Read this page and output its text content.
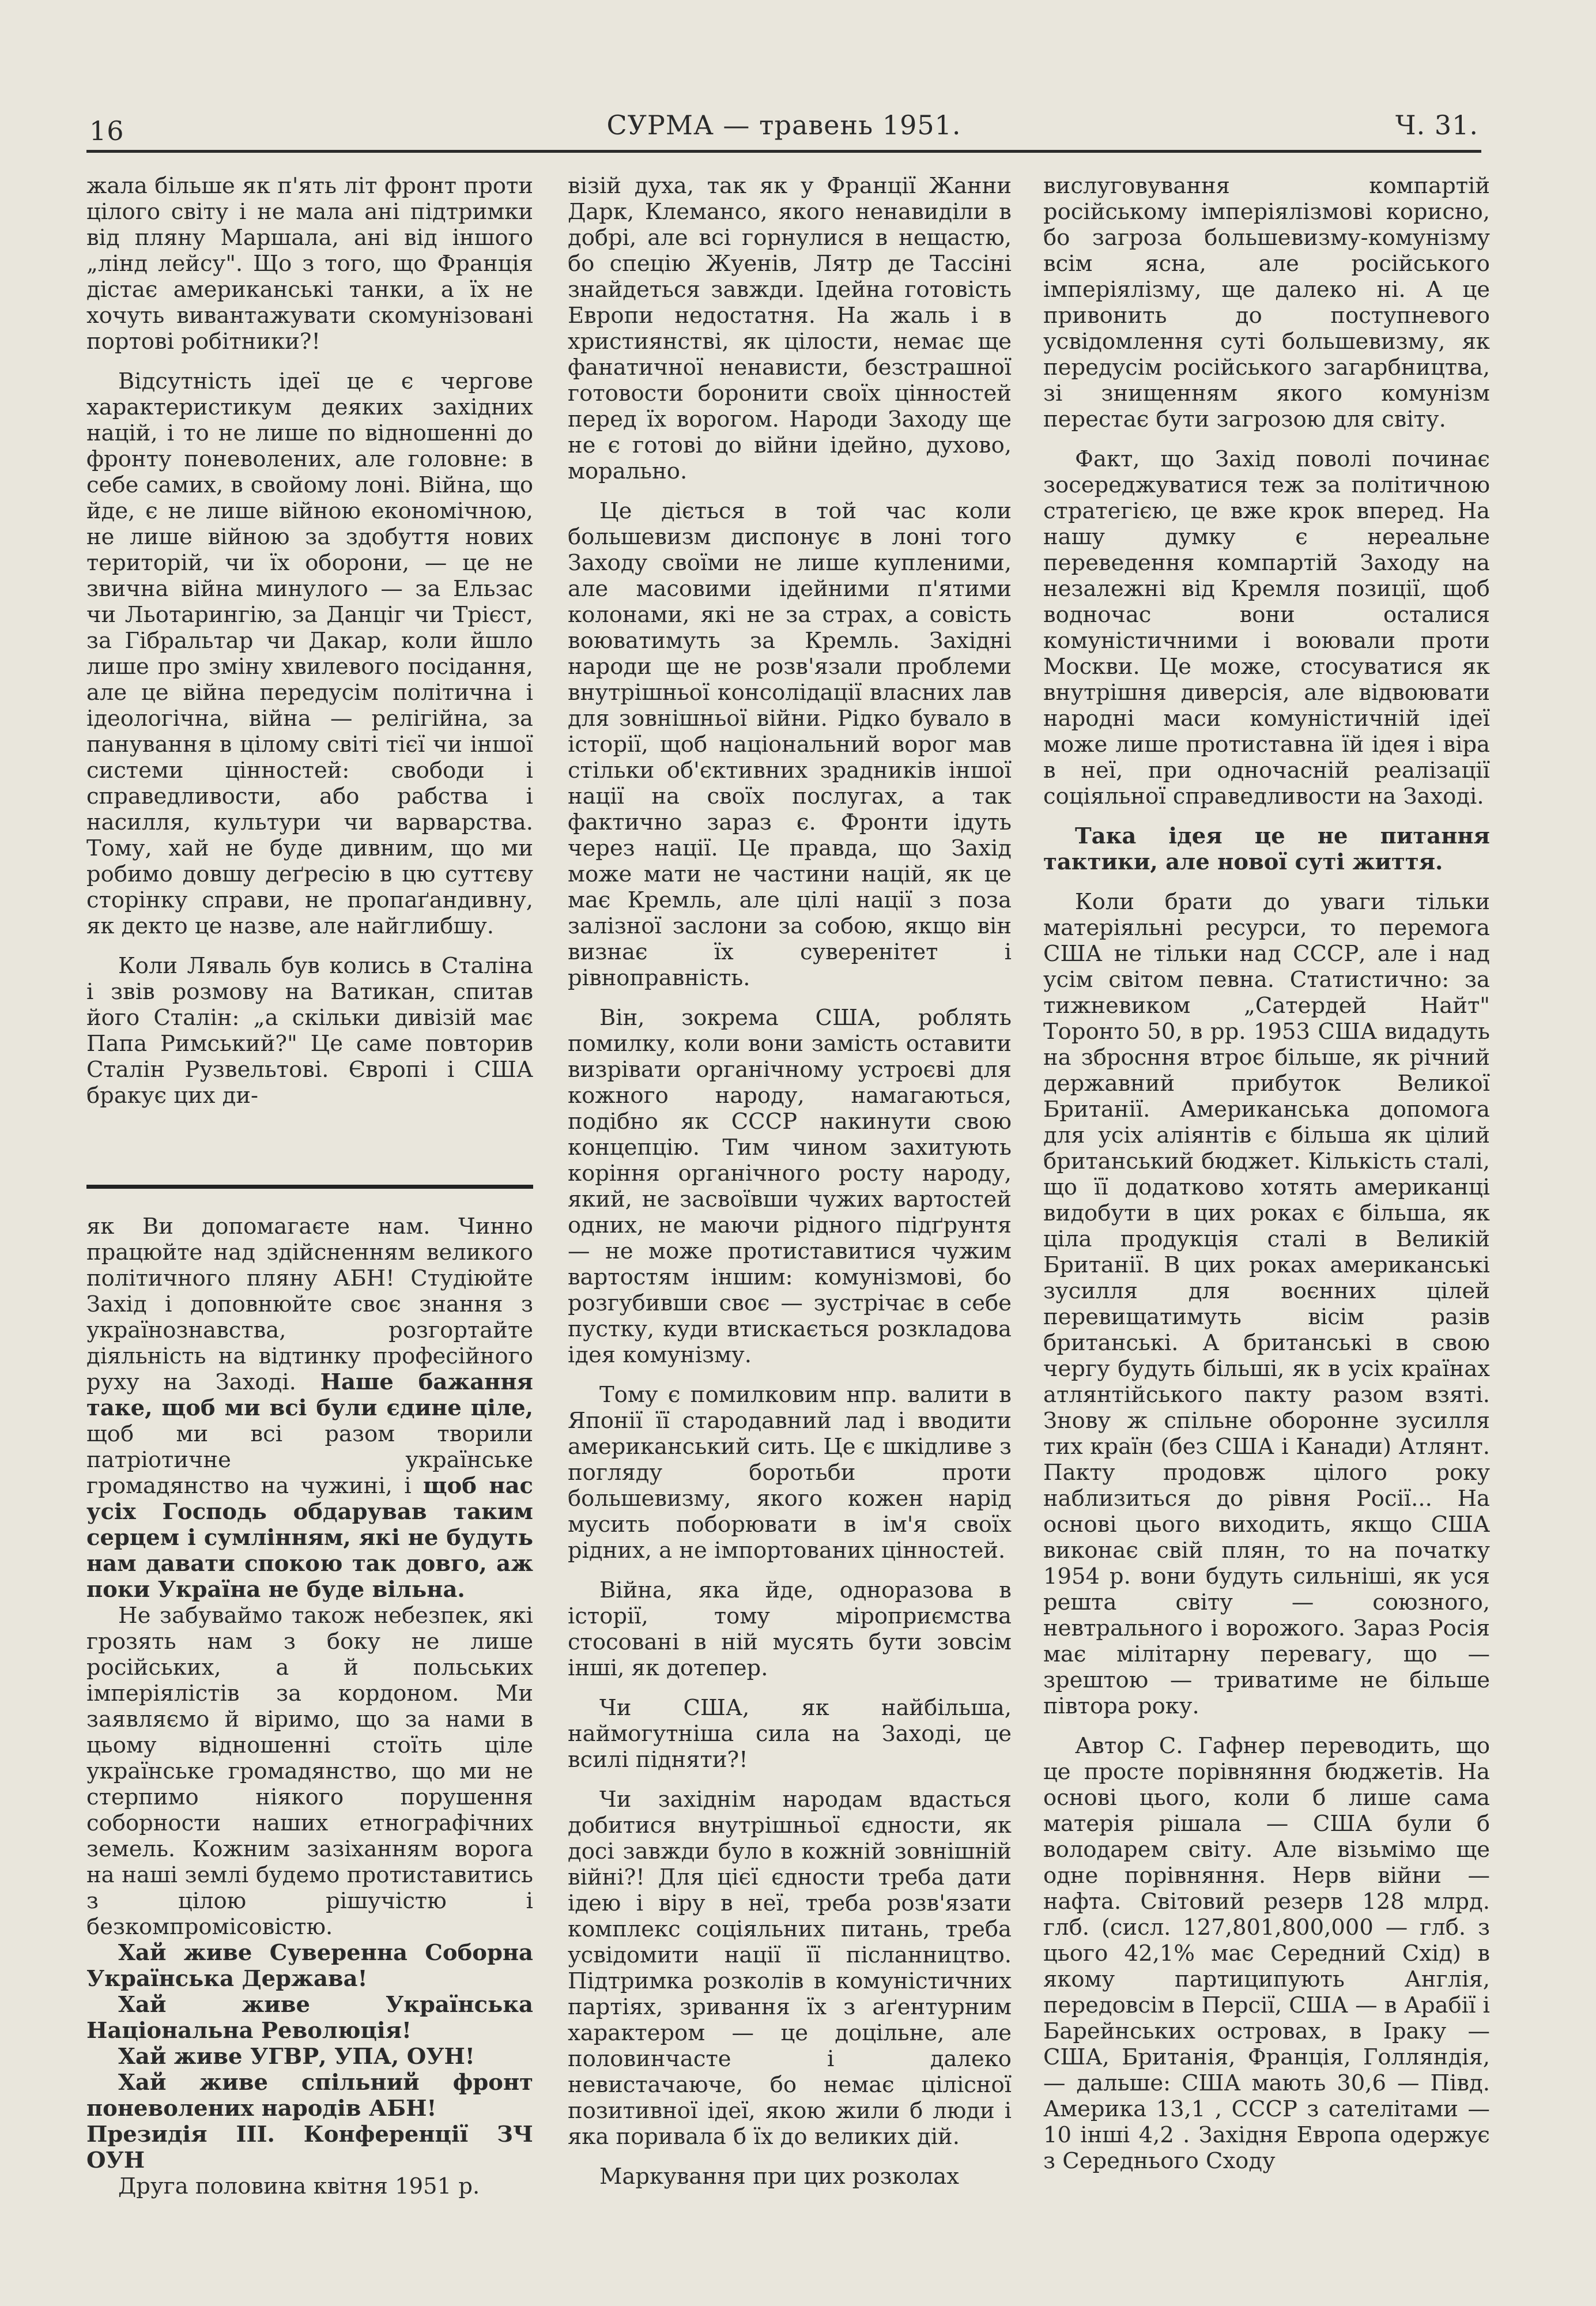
16	СУРМА — травень 1951.	Ч. 31.

жала більше як п'ять літ фронт проти цілого світу і не мала ані підтримки від пляну Маршала, ані від іншого „лінд лейсу". Що з того, що Франція дістає американські танки, а їх не хочуть вивантажувати скомунізовані портові робітники?!

Відсутність ідеї це є чергове характеристикум деяких західних націй, і то не лише по відношенні до фронту поневолених, але головне: в себе самих, в свойому лоні. Війна, що йде, є не лише війною економічною, не лише війною за здобуття нових територій, чи їх оборони, — це не звична війна минулого — за Ельзас чи Льотарингію, за Данціг чи Трієст, за Гібральтар чи Дакар, коли йшло лише про зміну хвилевого посідання, але це війна передусім політична і ідеологічна, війна — релігійна, за панування в цілому світі тієї чи іншої системи цінностей: свободи і справедливости, або рабства і насилля, культури чи варварства. Тому, хай не буде дивним, що ми робимо довшу деґресію в цю суттєву сторінку справи, не пропаґандивну, як декто це назве, але найглибшу.

Коли Ляваль був колись в Сталіна і звів розмову на Ватикан, спитав його Сталін: „а скільки дивізій має Папа Римський?" Це саме повторив Сталін Рузвельтові. Європі і США бракує цих ди-

як Ви допомагаєте нам. Чинно працюйте над здійсненням великого політичного пляну АБН! Студіюйте Захід і доповнюйте своє знання з українознавства, розгортайте діяльність на відтинку професійного руху на Заході. Наше бажання таке, щоб ми всі були єдине ціле, щоб ми всі разом творили патріотичне українське громадянство на чужині, і щоб нас усіх Господь обдарував таким серцем і сумлінням, які не будуть нам давати спокою так довго, аж поки Україна не буде вільна.

Не забуваймо також небезпек, які грозять нам з боку не лише російських, а й польських імперіялістів за кордоном. Ми заявляємо й віримо, що за нами в цьому відношенні стоїть ціле українське громадянство, що ми не стерпимо ніякого порушення соборности наших етнографічних земель. Кожним зазіханням ворога на наші землі будемо протиставитись з цілою рішучістю і безкомпромісовістю.

Хай живе Суверенна Соборна Українська Держава!

Хай живе Українська Національна Революція!

Хай живе УГВР, УПА, ОУН!

Хай живе спільний фронт поневолених народів АБН!

Президія ІІІ. Конференції ЗЧ ОУН

Друга половина квітня 1951 р.

візій духа, так як у Франції Жанни Дарк, Клемансо, якого ненавиділи в добрі, але всі горнулися в нещастю, бо спецію Жуенів, Лятр де Тассіні знайдеться завжди. Ідейна готовість Европи недостатня. На жаль і в християнстві, як цілости, немає ще фанатичної ненависти, безстрашної готовости боронити своїх цінностей перед їх ворогом. Народи Заходу ще не є готові до війни ідейно, духово, морально.

Це діється в той час коли большевизм диспонує в лоні того Заходу своїми не лише купленими, але масовими ідейними п'ятими колонами, які не за страх, а совість воюватимуть за Кремль. Західні народи ще не розв'язали проблеми внутрішньої консолідації власних лав для зовнішньої війни. Рідко бувало в історії, щоб національний ворог мав стільки об'єктивних зрадників іншої нації на своїх послугах, а так фактично зараз є. Фронти ідуть через нації. Це правда, що Захід може мати не частини націй, як це має Кремль, але цілі нації з поза залізної заслони за собою, якщо він визнає їх суверенітет і рівноправність.

Він, зокрема США, роблять помилку, коли вони замість оставити визрівати органічному устроєві для кожного народу, намагаються, подібно як СССР накинути свою концепцію. Тим чином захитують коріння органічного росту народу, який, не засвоївши чужих вартостей одних, не маючи рідного підґрунтя — не може протиставитися чужим вартостям іншим: комунізмові, бо розгубивши своє — зустрічає в себе пустку, куди втискається розкладова ідея комунізму.

Тому є помилковим нпр. валити в Японії її стародавний лад і вводити американський сить. Це є шкідливе з погляду боротьби проти большевизму, якого кожен нарід мусить поборювати в ім'я своїх рідних, а не імпортованих цінностей.

Війна, яка йде, одноразова в історії, тому міроприємства стосовані в ній мусять бути зовсім інші, як дотепер.

Чи США, як найбільша, наймогутніша сила на Заході, це всилі підняти?!

Чи західнім народам вдасться добитися внутрішньої єдности, як досі завжди було в кожній зовнішній війні?! Для цієї єдности треба дати ідею і віру в неї, треба розв'язати комплекс соціяльних питань, треба усвідомити нації її післанництво. Підтримка розколів в комуністичних партіях, зривання їх з аґентурним характером — це доцільне, але половинчасте і далеко невистачаюче, бо немає цілісної позитивної ідеї, якою жили б люди і яка поривала б їх до великих дій.

Маркування при цих розколах

вислуговування компартій російському імперіялізмові корисно, бо загроза большевизму-комунізму всім ясна, але російського імперіялізму, ще далеко ні. А це привонить до поступневого усвідомлення суті большевизму, як передусім російського загарбництва, зі знищенням якого комунізм перестає бути загрозою для світу.

Факт, що Захід поволі починає зосереджуватися теж за політичною стратегією, це вже крок вперед. На нашу думку є нереальне переведення компартій Заходу на незалежні від Кремля позиції, щоб водночас вони осталися комуністичними і воювали проти Москви. Це може, стосуватися як внутрішня диверсія, але відвоювати народні маси комуністичній ідеї може лише протиставна їй ідея і віра в неї, при одночасній реалізації соціяльної справедливости на Заході.

Така ідея це не питання тактики, але нової суті життя.

Коли брати до уваги тільки матеріяльні ресурси, то перемога США не тільки над СССР, але і над усім світом певна. Статистично: за тижневиком „Сатердей Найт" Торонто 50, в рр. 1953 США видадуть на збросння втроє більше, як річний державний прибуток Великої Британії. Американська допомога для усіх аліянтів є більша як цілий британський бюджет. Кількість сталі, що її додатково хотять американці видобути в цих роках є більша, як ціла продукція сталі в Великій Британії. В цих роках американські зусилля для воєнних цілей перевищатимуть вісім разів британські. А британські в свою чергу будуть більші, як в усіх країнах атлянтійського пакту разом взяті. Знову ж спільне оборонне зусилля тих країн (без США і Канади) Атлянт. Пакту продовж цілого року наблизиться до рівня Росії... На основі цього виходить, якщо США виконає свій плян, то на початку 1954 р. вони будуть сильніші, як уся решта світу — союзного, невтрального і ворожого. Зараз Росія має мілітарну перевагу, що — зрештою — триватиме не більше півтора року.

Автор С. Гафнер переводить, що це просте порівняння бюджетів. На основі цього, коли б лише сама матерія рішала — США були б володарем світу. Але візьмімо ще одне порівняння. Нерв війни — нафта. Світовий резерв 128 млрд. глб. (сисл. 127,801,800,000 — глб. з цього 42,1% має Середний Схід) в якому партиципують Англія, передовсім в Персії, США — в Арабії і Барейнських островах, в Іраку — США, Британія, Франція, Голляндія, — дальше: США мають 30,6 — Півд. Америка 13,1 , СССР з сателітами — 10 інші 4,2 . Західня Европа одержує з Середнього Сходу
